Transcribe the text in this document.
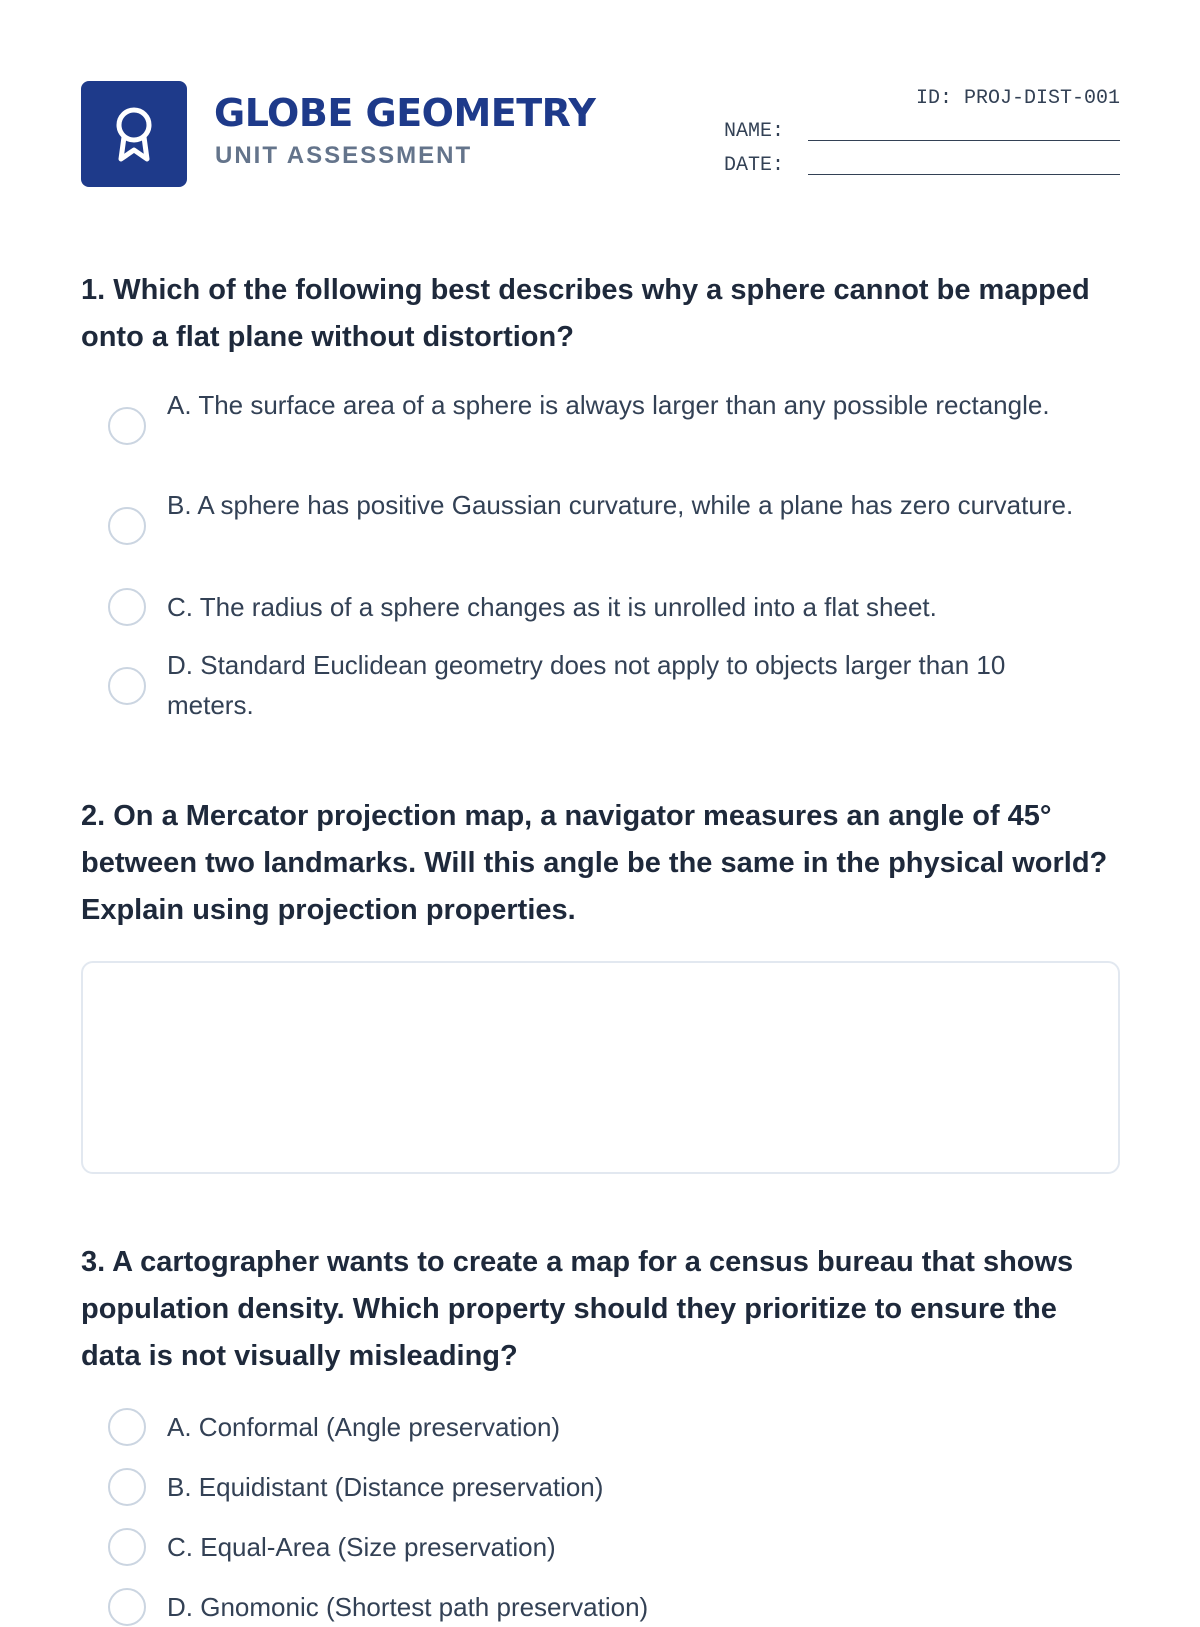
GLOBE GEOMETRY
UNIT ASSESSMENT
ID: PROJ-DIST-001
NAME:
DATE:
1. Which of the following best describes why a sphere cannot be mapped onto a flat plane without distortion?
A. The surface area of a sphere is always larger than any possible rectangle.
B. A sphere has positive Gaussian curvature, while a plane has zero curvature.
C. The radius of a sphere changes as it is unrolled into a flat sheet.
D. Standard Euclidean geometry does not apply to objects larger than 10 meters.
2. On a Mercator projection map, a navigator measures an angle of 45° between two landmarks. Will this angle be the same in the physical world? Explain using projection properties.
3. A cartographer wants to create a map for a census bureau that shows population density. Which property should they prioritize to ensure the data is not visually misleading?
A. Conformal (Angle preservation)
B. Equidistant (Distance preservation)
C. Equal-Area (Size preservation)
D. Gnomonic (Shortest path preservation)
